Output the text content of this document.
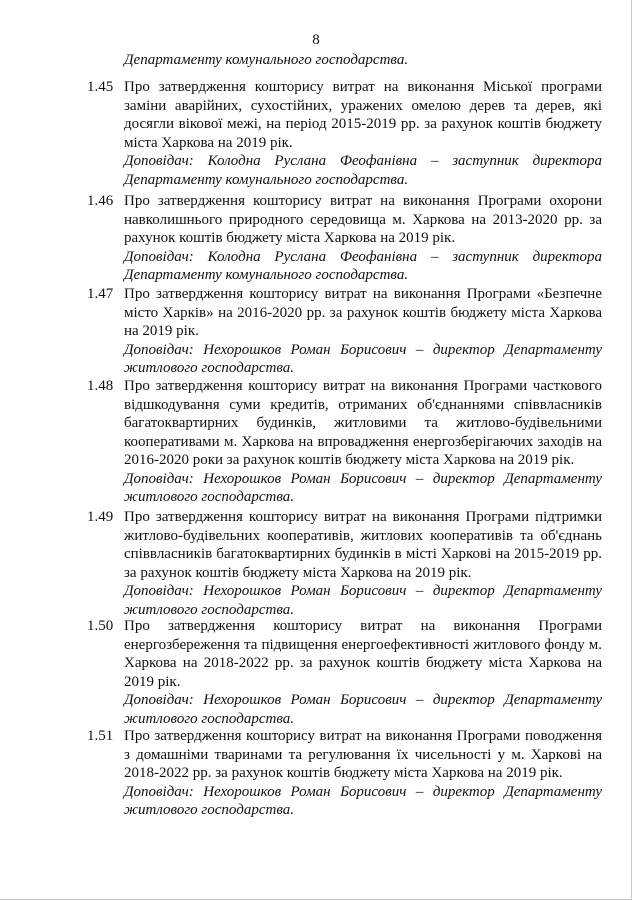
8
Департаменту комунального господарства.
1.45 Про затвердження кошторису витрат на виконання Міської програми заміни аварійних, сухостійних, уражених омелою дерев та дерев, які досягли вікової межі, на період 2015-2019 рр. за рахунок коштів бюджету міста Харкова на 2019 рік.
Доповідач: Колодна Руслана Феофанівна – заступник директора Департаменту комунального господарства.
1.46 Про затвердження кошторису витрат на виконання Програми охорони навколишнього природного середовища м. Харкова на 2013-2020 рр. за рахунок коштів бюджету міста Харкова на 2019 рік.
Доповідач: Колодна Руслана Феофанівна – заступник директора Департаменту комунального господарства.
1.47 Про затвердження кошторису витрат на виконання Програми «Безпечне місто Харків» на 2016-2020 рр. за рахунок коштів бюджету міста Харкова на 2019 рік.
Доповідач: Нехорошков Роман Борисович – директор Департаменту житлового господарства.
1.48 Про затвердження кошторису витрат на виконання Програми часткового відшкодування суми кредитів, отриманих об'єднаннями співвласників багатоквартирних будинків, житловими та житлово-будівельними кооперативами м. Харкова на впровадження енергозберігаючих заходів на 2016-2020 роки за рахунок коштів бюджету міста Харкова на 2019 рік.
Доповідач: Нехорошков Роман Борисович – директор Департаменту житлового господарства.
1.49 Про затвердження кошторису витрат на виконання Програми підтримки житлово-будівельних кооперативів, житлових кооперативів та об'єднань співвласників багатоквартирних будинків в місті Харкові на 2015-2019 рр. за рахунок коштів бюджету міста Харкова на 2019 рік.
Доповідач: Нехорошков Роман Борисович – директор Департаменту житлового господарства.
1.50 Про затвердження кошторису витрат на виконання Програми енергозбереження та підвищення енергоефективності житлового фонду м. Харкова на 2018-2022 рр. за рахунок коштів бюджету міста Харкова на 2019 рік.
Доповідач: Нехорошков Роман Борисович – директор Департаменту житлового господарства.
1.51 Про затвердження кошторису витрат на виконання Програми поводження з домашніми тваринами та регулювання їх чисельності у м. Харкові на 2018-2022 рр. за рахунок коштів бюджету міста Харкова на 2019 рік.
Доповідач: Нехорошков Роман Борисович – директор Департаменту житлового господарства.
